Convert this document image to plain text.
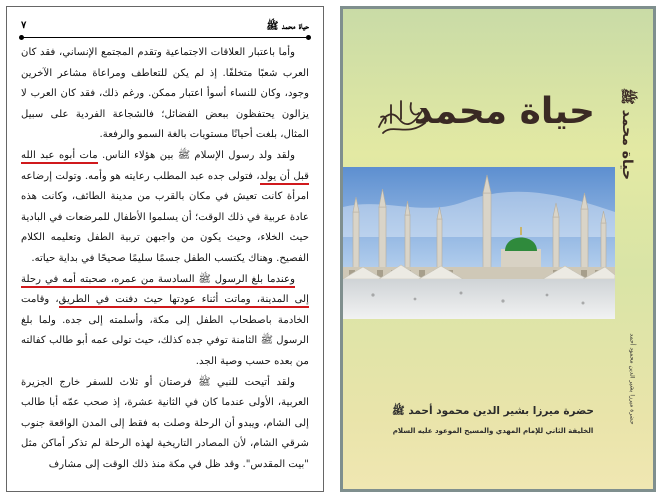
حياة محمد ﷺ
٧

وأما باعتبار العلاقات الاجتماعية وتقدم المجتمع الإنساني، فقد كان العرب شعبًا متخلفًا. إذ لم يكن للتعاطف ومراعاة مشاعر الآخرين وجود، وكان للنساء أسوأ اعتبار ممكن. ورغم ذلك، فقد كان العرب لا يزالون يحتفظون ببعض الفضائل؛ فالشجاعة الفردية على سبيل المثال، بلغت أحيانًا مستويات بالغة السمو والرفعة.

ولقد ولد رسول الإسلام ﷺ بين هؤلاء الناس. مات أبوه عبد الله قبل أن يولد، فتولى جده عبد المطلب رعايته هو وأمه. وتولت إرضاعه امرأة كانت تعيش في مكان بالقرب من مدينة الطائف، وكانت هذه عادة عربية في ذلك الوقت؛ أن يسلموا الأطفال للمرضعات في البادية حيث الخلاء، وحيث يكون من واجبهن تربية الطفل وتعليمه الكلام الفصيح. وهناك يكتسب الطفل جسمًا سليمًا صحيحًا في بداية حياته.

وعندما بلغ الرسول ﷺ السادسة من عمره، صحبته أمه في رحلة إلى المدينة، وماتت أثناء عودتها حيث دفنت في الطريق، وقامت الخادمة باصطحاب الطفل إلى مكة، وأسلمته إلى جده. ولما بلغ الرسول ﷺ الثامنة توفي جده كذلك، حيث تولى عمه أبو طالب كفالته من بعده حسب وصية الجد.

ولقد أتيحت للنبي ﷺ فرصتان أو ثلاث للسفر خارج الجزيرة العربية، الأولى عندما كان في الثانية عشرة، إذ صحب عمّه أبا طالب إلى الشام، ويبدو أن الرحلة وصلت به فقط إلى المدن الواقعة جنوب شرقي الشام، لأن المصادر التاريخية لهذه الرحلة لم تذكر أماكن مثل "بيت المقدس". وقد ظل في مكة منذ ذلك الوقت إلى مشارف

حياة محمد حياة محمد ﷺ
حضرة ميرزا بشير الدين محمود أحمد
حضرة ميرزا بشير الدين محمود أحمد ﷺ
الخليفة الثاني للإمام المهدي والمسيح الموعود عليه السلام
